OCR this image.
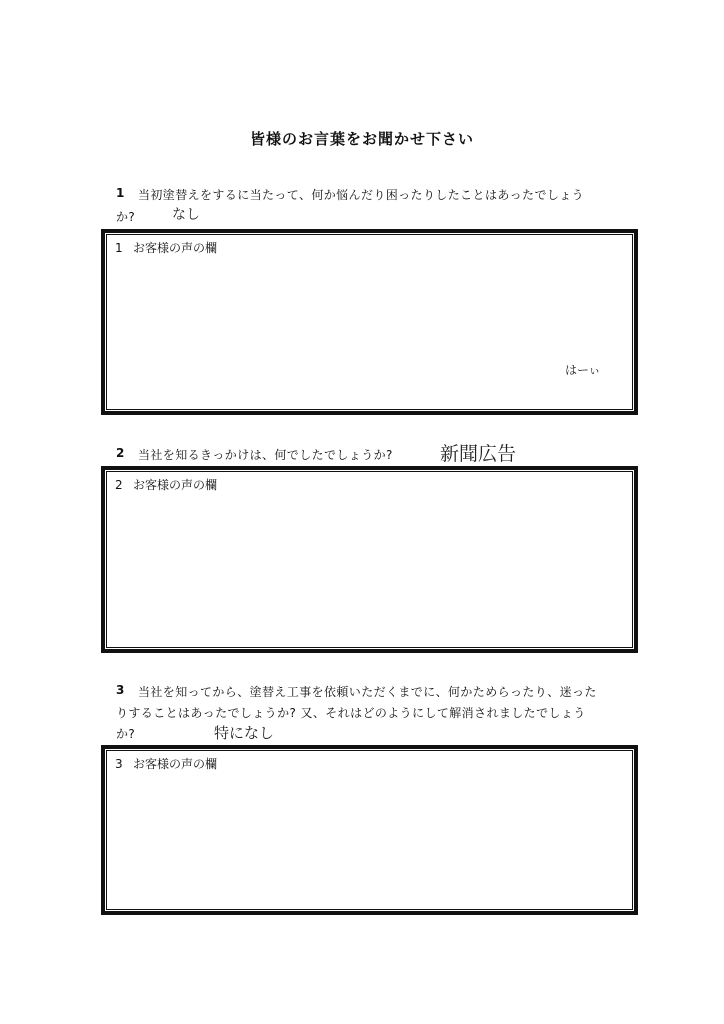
皆様のお言葉をお聞かせ下さい
1 当初塗替えをするに当たって、何か悩んだり困ったりしたことはあったでしょう
か?	なし
1 お客様の声の欄
はーぃ
2 当社を知るきっかけは、何でしたでしょうか? 新聞広告
2 お客様の声の欄
3 当社を知ってから、塗替え工事を依頼いただくまでに、何かためらったり、迷った
りすることはあったでしょうか? 又、それはどのようにして解消されましたでしょう
か?	特になし
3 お客様の声の欄
